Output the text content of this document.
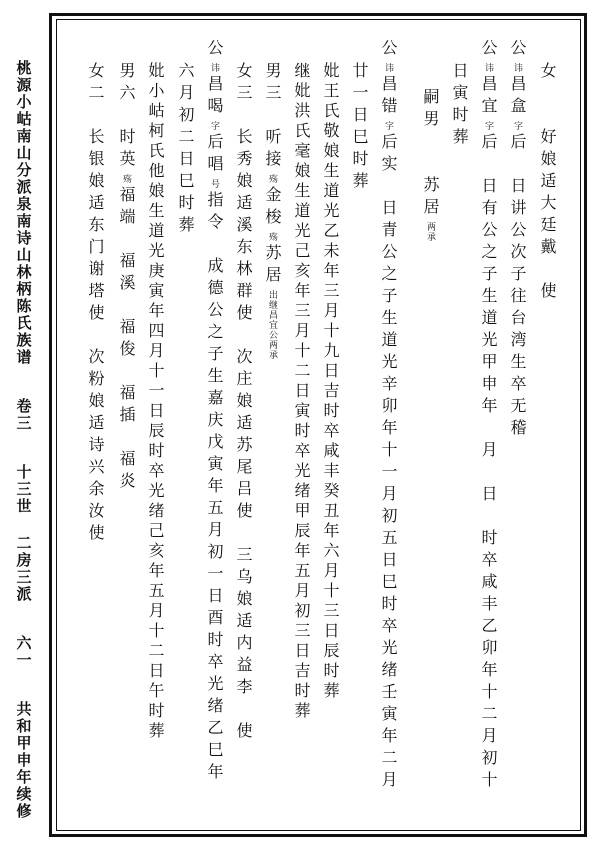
桃源小岵南山分派泉南诗山林柄陈氏族谱
卷三
十三世 二房三派
六一
共和甲申年续修
女　　好娘适大廷戴　使
公讳昌盒字后　日讲公次子往台湾生卒无稽
公讳昌宜字后　日有公之子生道光甲申年　月　日　时卒咸丰乙卯年十二月初十
日寅时葬
嗣男　　苏居两承
公讳昌错字后实　日青公之子生道光辛卯年十一月初五日巳时卒光绪壬寅年二月
廿一日巳时葬
妣王氏敬娘生道光乙未年三月十九日吉时卒咸丰癸丑年六月十三日辰时葬
继妣洪氏毫娘生道光己亥年三月十二日寅时卒光绪甲辰年五月初三日吉时葬
男三　听接殇金梭殇苏居出继昌宜公两承
女三　长秀娘适溪东林群使　次庄娘适苏尾吕使　三乌娘适内益李　使
公讳昌喝字后唱号指令　成德公之子生嘉庆戊寅年五月初一日酉时卒光绪乙巳年
六月初二日巳时葬
妣小岵柯氏他娘生道光庚寅年四月十一日辰时卒光绪己亥年五月十二日午时葬
男六　时英殇福端　福溪　福俊　福插　福炎
女二　长银娘适东门谢塔使　次粉娘适诗兴余汝使
